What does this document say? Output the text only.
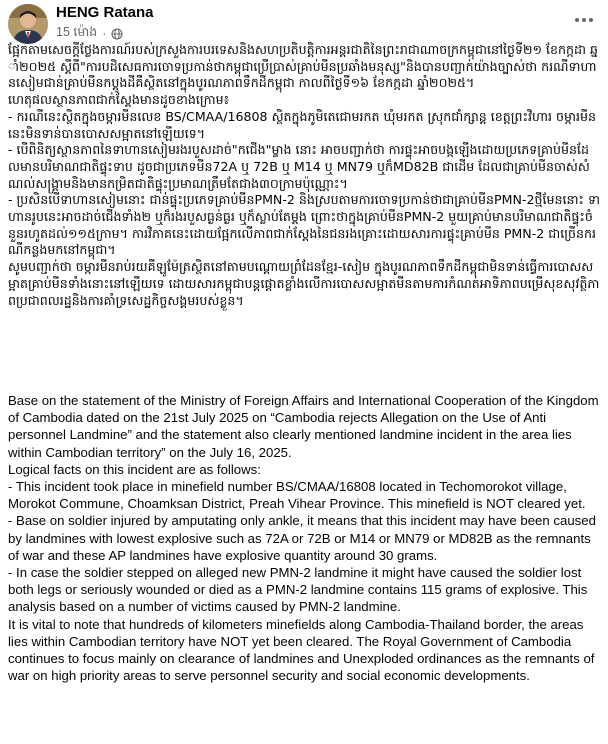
HENG Ratana
15 ម៉ោង ·
ផ្អែកតាមសេចក្ដីថ្លែងការណ៍របស់ក្រសួងការបរទេសនិងសហប្រតិបត្តិការអន្តរជាតិនៃព្រះរាជាណាចក្រកម្ពុជានៅថ្ងៃទី២១ ខែកក្កដា ឆ្នាំ២០២៥ ស្ដីពី"ការបដិសេធការចោទប្រកាន់ថាកម្ពុជាប្រើប្រាស់គ្រាប់មីនប្រឆាំងមនុស្ស"និងបានបញ្ជាក់យ៉ាងច្បាស់ថា ករណីទាហានសៀមជាន់គ្រាប់មីនកប្ដូងដីគឺស្ថិតនៅក្នុងបូរណភាពទឹកដីកម្ពុជា កាលពីថ្ងៃទី១៦ ខែកក្កដា ឆ្នាំ២០២៥។
ហេតុផលស្ថានភាពជាក់ស្ដែងមានដូចខាងក្រោម៖
- ករណីនេះស្ថិតក្នុងចម្ការមីនលេខ BS/CMAA/16808 ស្ថិតក្នុងភូមិតេជោមរកត ឃុំមរកត ស្រុកជាំក្សាន្ត ខេត្តព្រះវិហារ ចម្ការមីននេះមិនទាន់បានបោសសម្អាតនៅឡើយទេ។
- បើពិនិត្យស្ថានភាពនៃទាហានសៀមរងរបួសដាច់"កជើង"ម្ខាង នោះ អាចបញ្ជាក់ថា ការផ្ទុះអាចបង្កឡើងដោយប្រភេទគ្រាប់មីនដែលមានបរិមាណជាតិផ្ទុះទាប ដូចជាប្រភេទមីន72A ឬ 72B ឬ M14 ឬ MN79 ឬក៏MD82B ជាដើម ដែលជាគ្រាប់មីនចាស់សំណល់សង្គ្រាមនិងមានកម្រិតជាតិផ្ទុះប្រមាណត្រឹមតែជាង៣០ក្រាមប៉ុណ្ណោះ។
- ប្រសិនបើទាហានសៀមនោះ ជាន់ផ្ទុះប្រភេទគ្រាប់មីនPMN-2 និងស្របតាមការចោទប្រកាន់ថាជាគ្រាប់មីនPMN-2ថ្មីមែននោះ ទាហានរូបនេះអាចដាច់ជើងទាំង២ ឬក៏រងរបួសធ្ងន់ធ្ងរ ឬក៏ស្លាប់តែម្ដង ព្រោះថាក្នុងគ្រាប់មីនPMN-2 មួយគ្រាប់មានបរិមាណជាតិផ្ទុះចំនួនរហូតដល់១១៥ក្រាម។ ការវិភាគនេះដោយផ្អែកលើភាពជាក់ស្ដែងនៃជនរងគ្រោះដោយសារការផ្ទុះគ្រាប់មីន PMN-2 ជាច្រើនករណីកន្លងមកនៅកម្ពុជា។
សូមបញ្ជាក់ថា ចម្ការមីនរាប់រយគីឡូម៉ែត្រស្ថិតនៅតាមបណ្ដោយព្រំដែនខ្មែរ-សៀម ក្នុងបូរណភាពទឹកដីកម្ពុជាមិនទាន់ធ្វើការបោសសម្អាតគ្រាប់មីនទាំងនោះនៅឡើយទេ ដោយសារកម្ពុជាបន្តផ្ដោតខ្លាំងលើការបោសសម្អាតមីនតាមការកំណត់អាទិភាពបម្រើសុខសុវត្ថិភាពប្រជាពលរដ្ឋនិងការគាំទ្រសេដ្ឋកិច្ចសង្គមរបស់ខ្លួន។

Base on the statement of the Ministry of Foreign Affairs and International Cooperation of the Kingdom of Cambodia dated on the 21st July 2025 on “Cambodia rejects Allegation on the Use of Anti personnel Landmine” and the statement also clearly mentioned landmine incident in the area lies within Cambodian territory” on the July 16, 2025.

Logical facts on this incident are as follows:

- This incident took place in minefield number BS/CMAA/16808 located in Techomorokot village, Morokot Commune, Choamksan District, Preah Vihear Province. This minefield is NOT cleared yet.

- Base on soldier injured by amputating only ankle, it means that this incident may have been caused by landmines with lowest explosive such as 72A or 72B or M14 or MN79 or MD82B as the remnants of war and these AP landmines have explosive quantity around 30 grams.

- In case the soldier stepped on alleged new PMN-2 landmine it might have caused the soldier lost both legs or seriously wounded or died as a PMN-2 landmine contains 115 grams of explosive. This analysis based on a number of victims caused by PMN-2 landmine.

It is vital to note that hundreds of kilometers minefields along Cambodia-Thailand border, the areas lies within Cambodian territory have NOT yet been cleared. The Royal Government of Cambodia continues to focus mainly on clearance of landmines and Unexploded ordinances as the remnants of war on high priority areas to serve personnel security and social economic developments.
